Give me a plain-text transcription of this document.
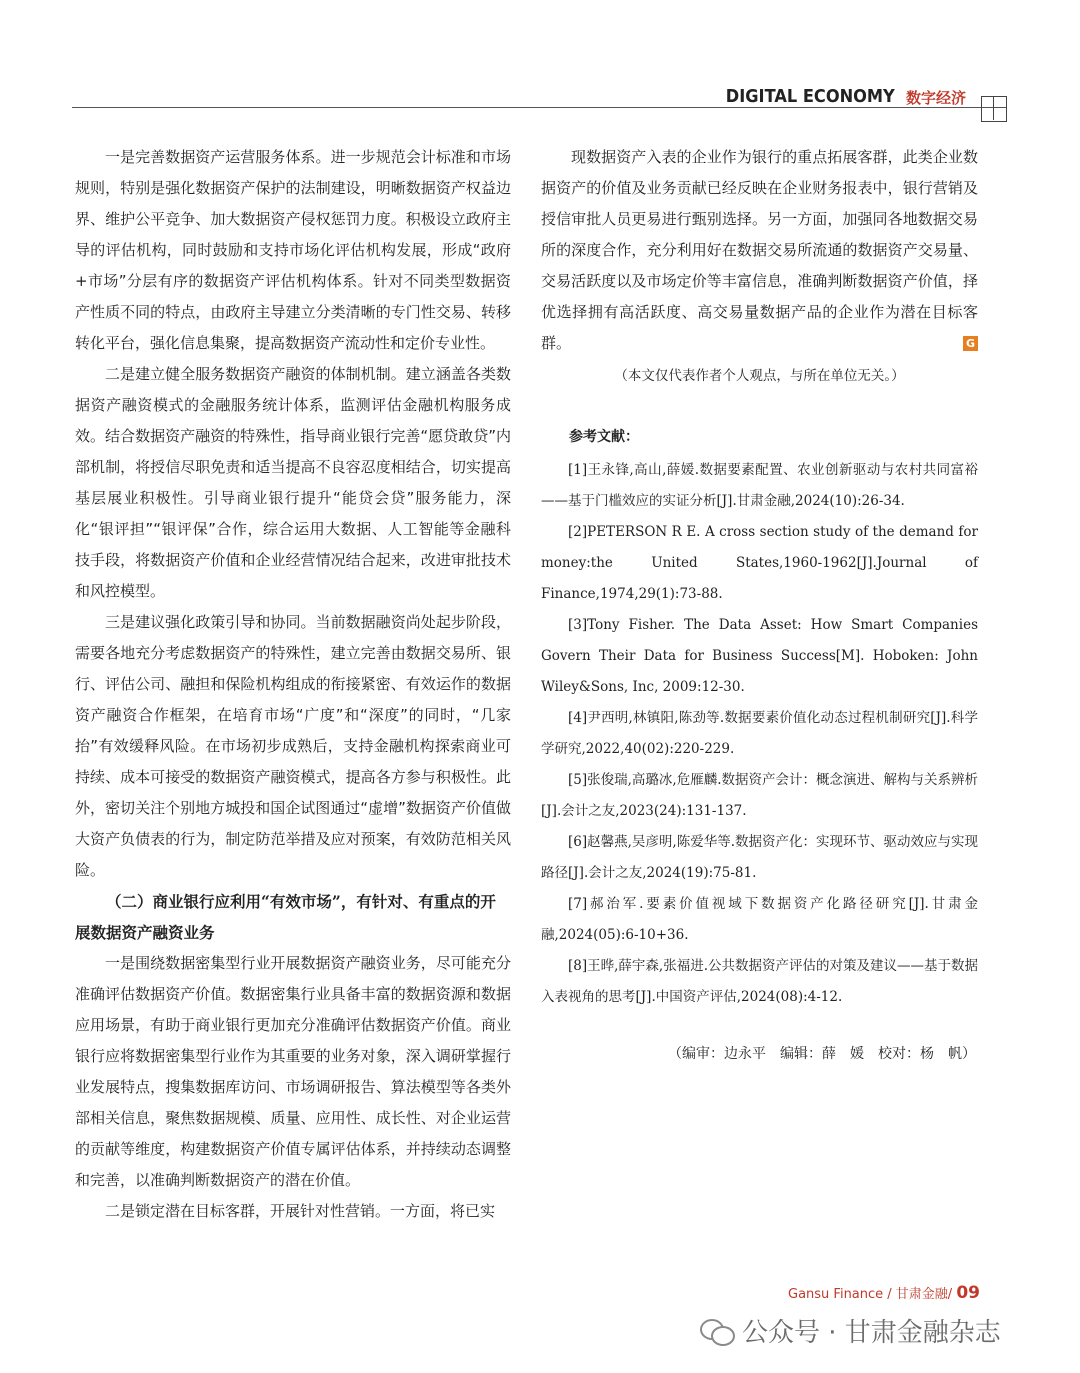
DIGITAL ECONOMY 数字经济

一是完善数据资产运营服务体系。进一步规范会计标准和市场规则，特别是强化数据资产保护的法制建设，明晰数据资产权益边界、维护公平竞争、加大数据资产侵权惩罚力度。积极设立政府主导的评估机构，同时鼓励和支持市场化评估机构发展，形成“政府+市场”分层有序的数据资产评估机构体系。针对不同类型数据资产性质不同的特点，由政府主导建立分类清晰的专门性交易、转移转化平台，强化信息集聚，提高数据资产流动性和定价专业性。

二是建立健全服务数据资产融资的体制机制。建立涵盖各类数据资产融资模式的金融服务统计体系，监测评估金融机构服务成效。结合数据资产融资的特殊性，指导商业银行完善“愿贷敢贷”内部机制，将授信尽职免责和适当提高不良容忍度相结合，切实提高基层展业积极性。引导商业银行提升“能贷会贷”服务能力，深化“银评担”“银评保”合作，综合运用大数据、人工智能等金融科技手段，将数据资产价值和企业经营情况结合起来，改进审批技术和风控模型。

三是建议强化政策引导和协同。当前数据融资尚处起步阶段，需要各地充分考虑数据资产的特殊性，建立完善由数据交易所、银行、评估公司、融担和保险机构组成的衔接紧密、有效运作的数据资产融资合作框架，在培育市场“广度”和“深度”的同时，“几家抬”有效缓释风险。在市场初步成熟后，支持金融机构探索商业可持续、成本可接受的数据资产融资模式，提高各方参与积极性。此外，密切关注个别地方城投和国企试图通过“虚增”数据资产价值做大资产负债表的行为，制定防范举措及应对预案，有效防范相关风险。

（二）商业银行应利用“有效市场”，有针对、有重点的开展数据资产融资业务

一是围绕数据密集型行业开展数据资产融资业务，尽可能充分准确评估数据资产价值。数据密集行业具备丰富的数据资源和数据应用场景，有助于商业银行更加充分准确评估数据资产价值。商业银行应将数据密集型行业作为其重要的业务对象，深入调研掌握行业发展特点，搜集数据库访问、市场调研报告、算法模型等各类外部相关信息，聚焦数据规模、质量、应用性、成长性、对企业运营的贡献等维度，构建数据资产价值专属评估体系，并持续动态调整和完善，以准确判断数据资产的潜在价值。

二是锁定潜在目标客群，开展针对性营销。一方面，将已实

现数据资产入表的企业作为银行的重点拓展客群，此类企业数据资产的价值及业务贡献已经反映在企业财务报表中，银行营销及授信审批人员更易进行甄别选择。另一方面，加强同各地数据交易所的深度合作，充分利用好在数据交易所流通的数据资产交易量、交易活跃度以及市场定价等丰富信息，准确判断数据资产价值，择优选择拥有高活跃度、高交易量数据产品的企业作为潜在目标客群。	G

（本文仅代表作者个人观点，与所在单位无关。）

参考文献：

[1]王永锋,高山,薛媛.数据要素配置、农业创新驱动与农村共同富裕——基于门槛效应的实证分析[J].甘肃金融,2024(10):26-34.

[2]PETERSON R E. A cross section study of the demand for money:the United States,1960-1962[J].Journal of Finance,1974,29(1):73-88.

[3]Tony Fisher. The Data Asset: How Smart Companies Govern Their Data for Business Success[M]. Hoboken: John Wiley&Sons, Inc, 2009:12-30.

[4]尹西明,林镇阳,陈劲等.数据要素价值化动态过程机制研究[J].科学学研究,2022,40(02):220-229.

[5]张俊瑞,高璐冰,危雁麟.数据资产会计：概念演进、解构与关系辨析[J].会计之友,2023(24):131-137.

[6]赵馨燕,吴彦明,陈爱华等.数据资产化：实现环节、驱动效应与实现路径[J].会计之友,2024(19):75-81.

[7]郝治军.要素价值视域下数据资产化路径研究[J].甘肃金融,2024(05):6-10+36.

[8]王晔,薛宇森,张福进.公共数据资产评估的对策及建议——基于数据入表视角的思考[J].中国资产评估,2024(08):4-12.

（编审：边永平　编辑：薛　媛　校对：杨　帆）

Gansu Finance / 甘肃金融/ 09
公众号 · 甘肃金融杂志
